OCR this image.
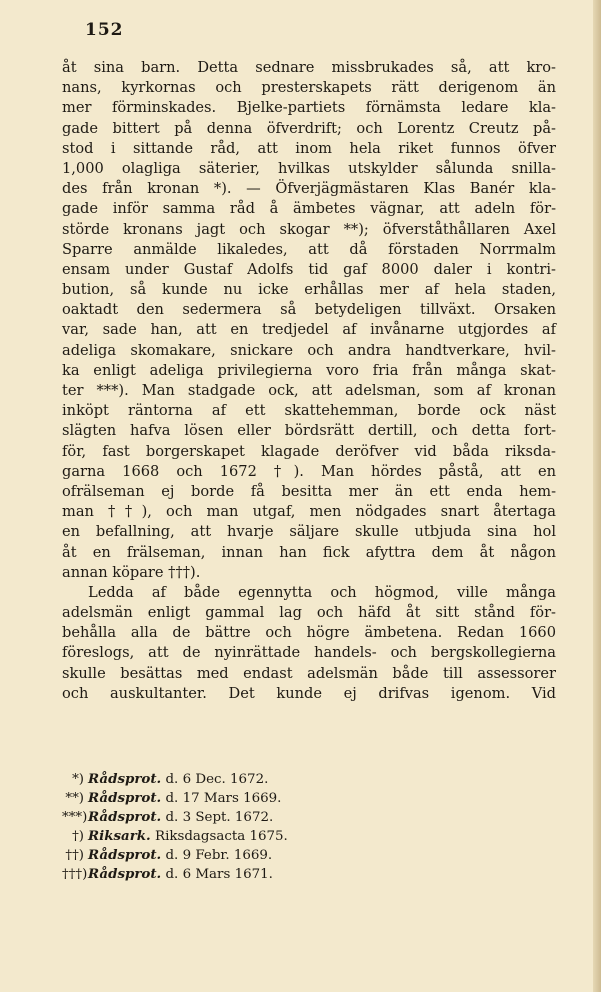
152
åt sina barn. Detta sednare missbrukades så, att kro-
nans, kyrkornas och presterskapets rätt derigenom än
mer förminskades. Bjelke-partiets förnämsta ledare kla-
gade bittert på denna öfverdrift; och Lorentz Creutz på-
stod i sittande råd, att inom hela riket funnos öfver
1,000 olagliga säterier, hvilkas utskylder sålunda snilla-
des från kronan *). — Öfverjägmästaren Klas Banér kla-
gade inför samma råd å ämbetes vägnar, att adeln för-
störde kronans jagt och skogar **); öfverståthållaren Axel
Sparre anmälde likaledes, att då förstaden Norrmalm
ensam under Gustaf Adolfs tid gaf 8000 daler i kontri-
bution, så kunde nu icke erhållas mer af hela staden,
oaktadt den sedermera så betydeligen tillväxt. Orsaken
var, sade han, att en tredjedel af invånarne utgjordes af
adeliga skomakare, snickare och andra handtverkare, hvil-
ka enligt adeliga privilegierna voro fria från många skat-
ter ***). Man stadgade ock, att adelsman, som af kronan
inköpt räntorna af ett skattehemman, borde ock näst
slägten hafva lösen eller bördsrätt dertill, och detta fort-
för, fast borgerskapet klagade deröfver vid båda riksda-
garna 1668 och 1672 †). Man hördes påstå, att en
ofrälseman ej borde få besitta mer än ett enda hem-
man ††), och man utgaf, men nödgades snart återtaga
en befallning, att hvarje säljare skulle utbjuda sina hol
åt en frälseman, innan han fick afyttra dem åt någon
annan köpare †††).
Ledda af både egennytta och högmod, ville många
adelsmän enligt gammal lag och häfd åt sitt stånd för-
behålla alla de bättre och högre ämbetena. Redan 1660
föreslogs, att de nyinrättade handels- och bergskollegierna
skulle besättas med endast adelsmän både till assessorer
och auskultanter. Det kunde ej drifvas igenom. Vid
*) Rådsprot. d. 6 Dec. 1672.
**) Rådsprot. d. 17 Mars 1669.
***)Rådsprot. d. 3 Sept. 1672.
†) Riksark. Riksdagsacta 1675.
††) Rådsprot. d. 9 Febr. 1669.
†††)Rådsprot. d. 6 Mars 1671.
